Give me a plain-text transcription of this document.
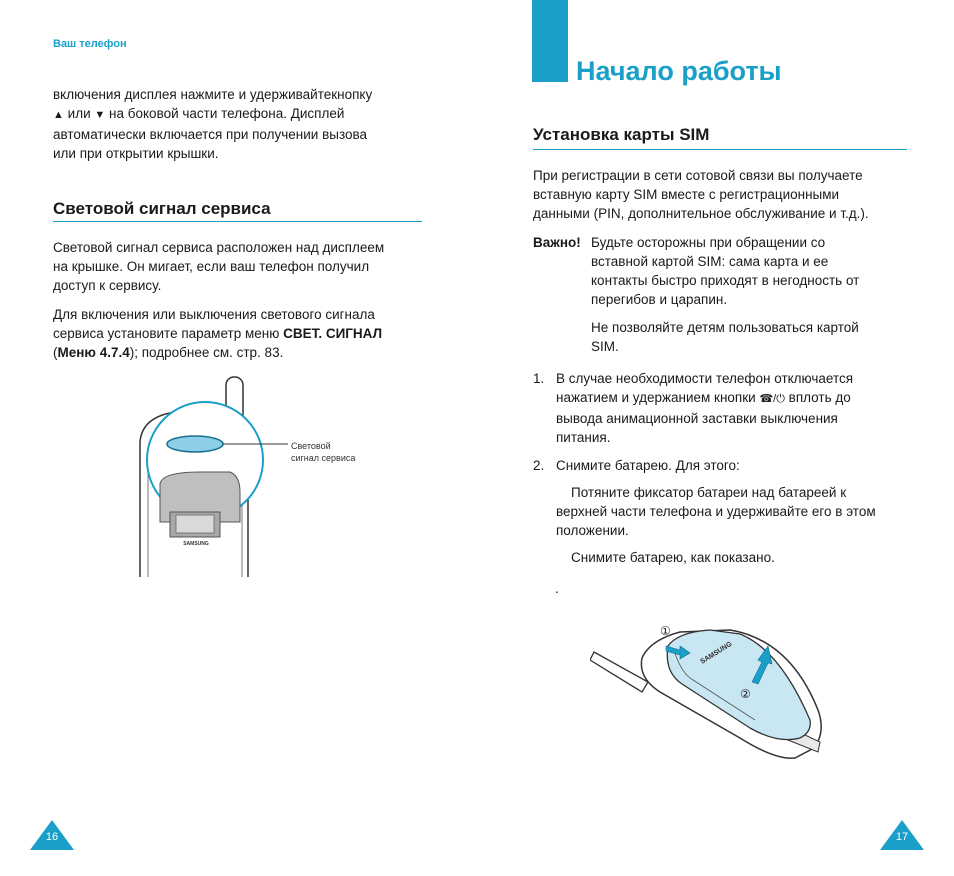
Ваш телефон
включения дисплея нажмите и удерживайтекнопку
▲ или ▼ на боковой части телефона. Дисплей
автоматически включается при получении вызова
или при открытии крышки.
Световой сигнал сервиса
Световой сигнал сервиса расположен над дисплеем
на крышке. Он мигает, если ваш телефон получил
доступ к сервису.
Для включения или выключения светового сигнала
сервиса установите параметр меню СВЕТ. СИГНАЛ
(Меню 4.7.4); подробнее см. стр. 83.
SAMSUNG
Световой
сигнал сервиса
16
Начало работы
Установка карты SIM
При регистрации в сети сотовой связи вы получаете
вставную карту SIM вместе с регистрационными
данными (PIN, дополнительное обслуживание и т.д.).
Важно! Будьте осторожны при обращении со
вставной картой SIM: сама карта и ее
контакты быстро приходят в негодность от
перегибов и царапин.
Не позволяйте детям пользоваться картой
SIM.
1. В случае необходимости телефон отключается
нажатием и удержанием кнопки ☎/⏻ вплоть до
вывода анимационной заставки выключения
питания.
2. Снимите батарею. Для этого:
Потяните фиксатор батареи над батареей к
верхней части телефона и удерживайте его в этом
положении.
Снимите батарею, как показано.
.
SAMSUNG
①
②
17
